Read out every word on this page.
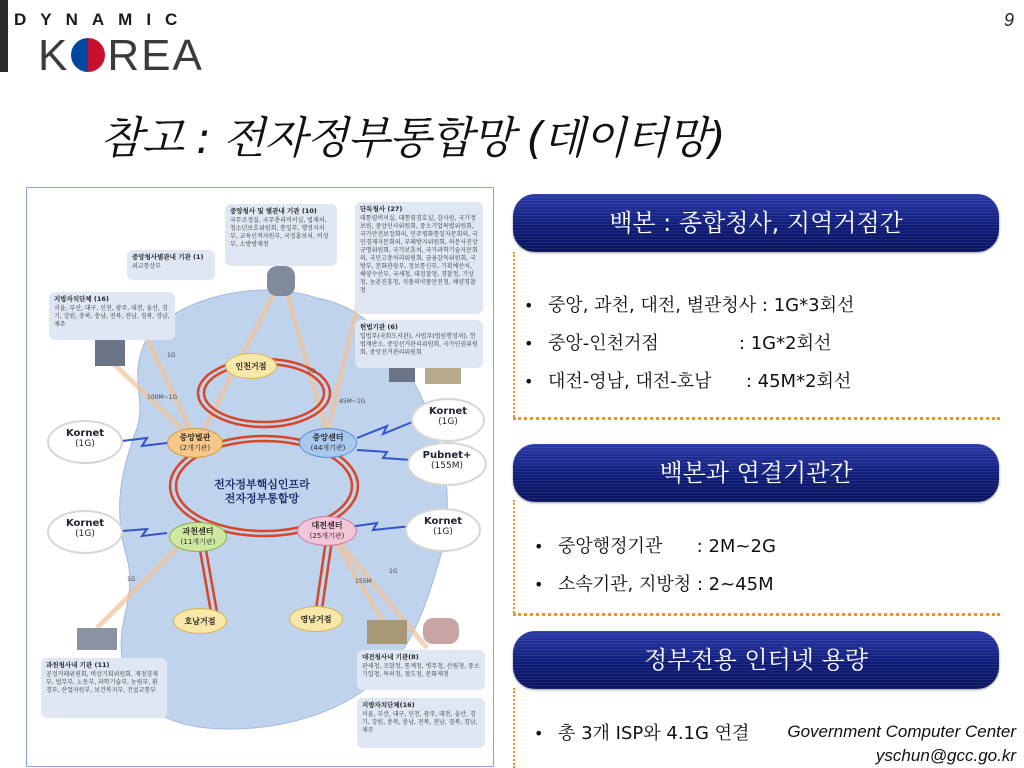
DYNAMIC
K REA
9
참고 : 전자정부통합망 (데이터망)
중앙청사 및 별관내 기관 (10)
국무조정실, 국무총리비서실, 법제처, 청소년보호위원회, 통일부, 행정자치부, 교육인적자원부, 국정홍보처, 여성부, 소방방재청
단독청사 (27)
대통령비서실, 대통령경호실, 감사원, 국가정보원, 중앙인사위원회, 중소기업특별위원회, 국가안전보장회의, 민주평화통일자문회의, 국민경제자문회의, 부패방지위원회, 의문사진상규명위원회, 국가보훈처, 국가과학기술자문회의, 국민고충처리위원회, 금융감독위원회, 국방부, 문화관광부, 정보통신부, 기획예산처, 해양수산부, 국세청, 대검찰청, 경찰청, 기상청, 농촌진흥청, 식품의약품안전청, 해양경찰청
중앙청사별관내 기관 (1)
외교통상부
지방자치단체 (16)
서울, 부산, 대구, 인천, 광주, 대전, 울산, 경기, 강원, 충북, 충남, 전북, 전남, 경북, 경남, 제주	헌법기관 (6)
입법부(국회도서관), 사법부(법원행정처), 헌법재판소, 중앙선거관리위원회, 국가인권위원회, 중앙선거관리위원회
과천청사내 기관 (11)
공정거래위원회, 비상기획위원회, 재정경제부, 법무부, 노동부, 과학기술부, 농림부, 환경부, 산업자원부, 보건복지부, 건설교통부
대전청사내 기관(8)
관세청, 조달청, 통계청, 병무청, 산림청, 중소기업청, 특허청, 철도청, 문화재청
지방자치단체(16)
서울, 부산, 대구, 인천, 광주, 대전, 울산, 경기, 강원, 충북, 충남, 전북, 전남, 경북, 경남, 제주
인천거점
중앙별관
(2개기관)
중앙센터
(44개기관)
과천센터
(11개기관)
대전센터
(25개기관)
호남거점	영남거점
전자정부핵심인프라
전자정부통합망
Kornet
(1G)
Kornet
(1G)
Kornet
(1G)
Pubnet+
(155M)
Kornet
(1G)
1G
100M~1G
1G
45M~1G
1G	155M
1G
백본 : 종합청사, 지역거점간
• 중앙, 과천, 대전, 별관청사 : 1G*3회선
• 중앙-인천거점              : 1G*2회선
• 대전-영남, 대전-호남      : 45M*2회선
백본과 연결기관간
• 중앙행정기관      : 2M~2G
• 소속기관, 지방청 : 2~45M
정부전용 인터넷 용량
• 총 3개 ISP와 4.1G 연결 Government Computer Center
yschun@gcc.go.kr
